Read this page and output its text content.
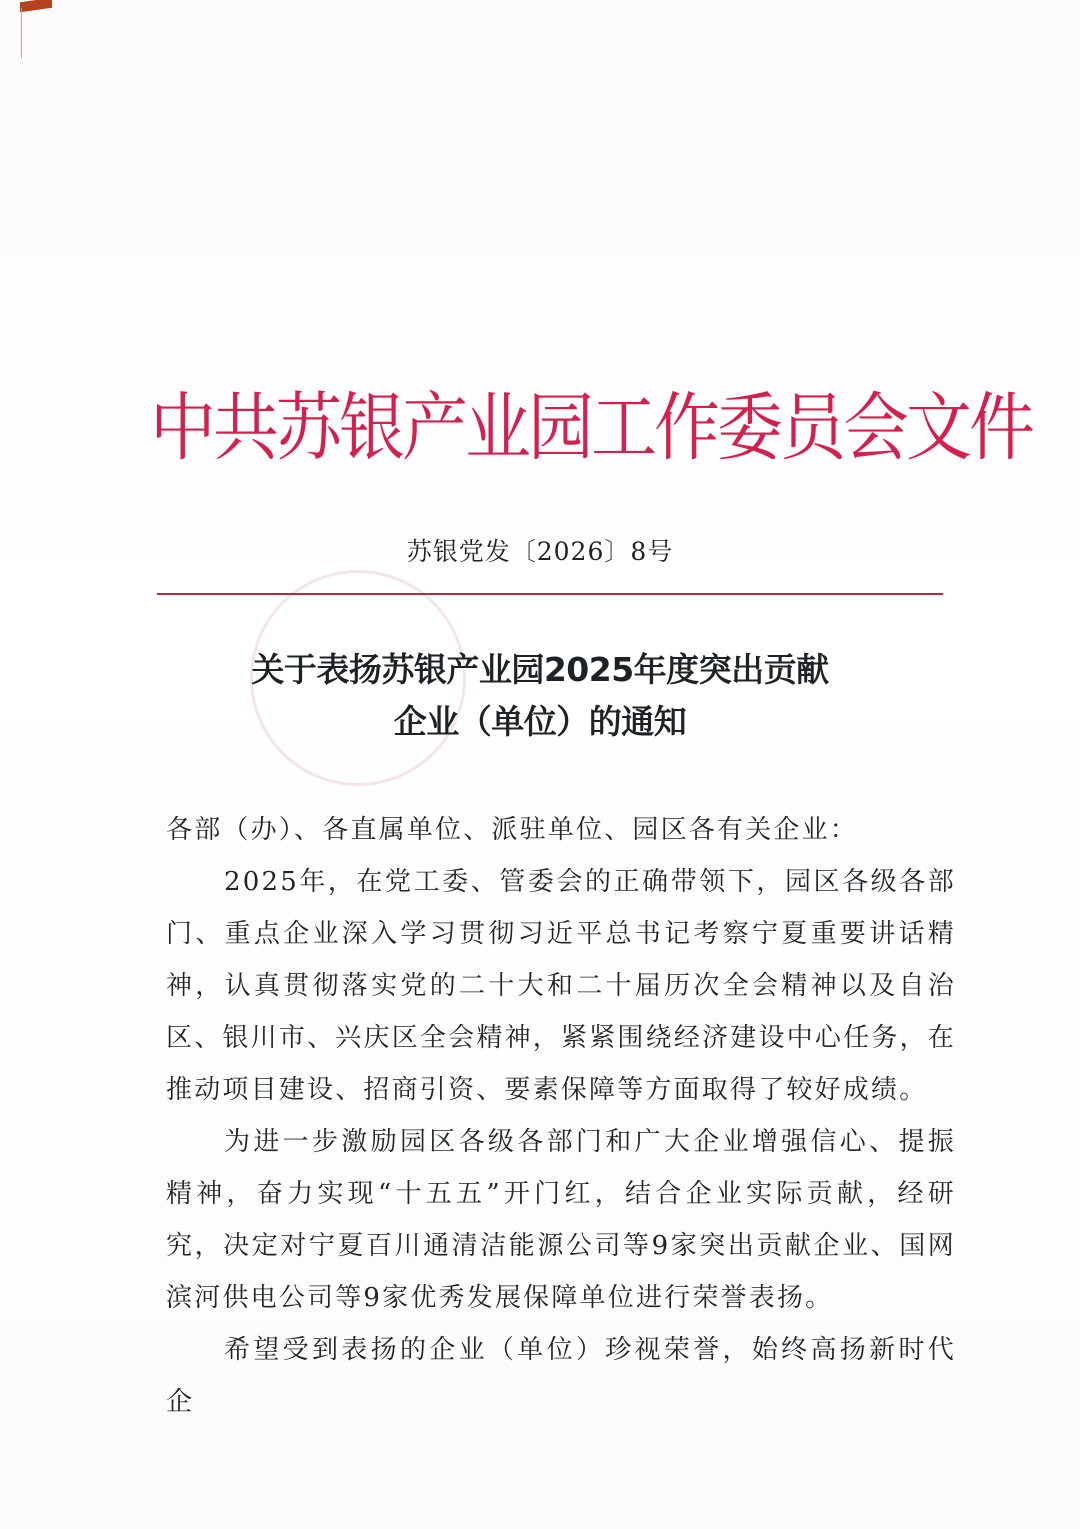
中共苏银产业园工作委员会文件
苏银党发〔2026〕8号
关于表扬苏银产业园2025年度突出贡献
企业（单位）的通知

各部（办）、各直属单位、派驻单位、园区各有关企业：

2025年，在党工委、管委会的正确带领下，园区各级各部门、重点企业深入学习贯彻习近平总书记考察宁夏重要讲话精神，认真贯彻落实党的二十大和二十届历次全会精神以及自治区、银川市、兴庆区全会精神，紧紧围绕经济建设中心任务，在推动项目建设、招商引资、要素保障等方面取得了较好成绩。

为进一步激励园区各级各部门和广大企业增强信心、提振精神，奋力实现“十五五”开门红，结合企业实际贡献，经研究，决定对宁夏百川通清洁能源公司等9家突出贡献企业、国网滨河供电公司等9家优秀发展保障单位进行荣誉表扬。

希望受到表扬的企业（单位）珍视荣誉，始终高扬新时代企
